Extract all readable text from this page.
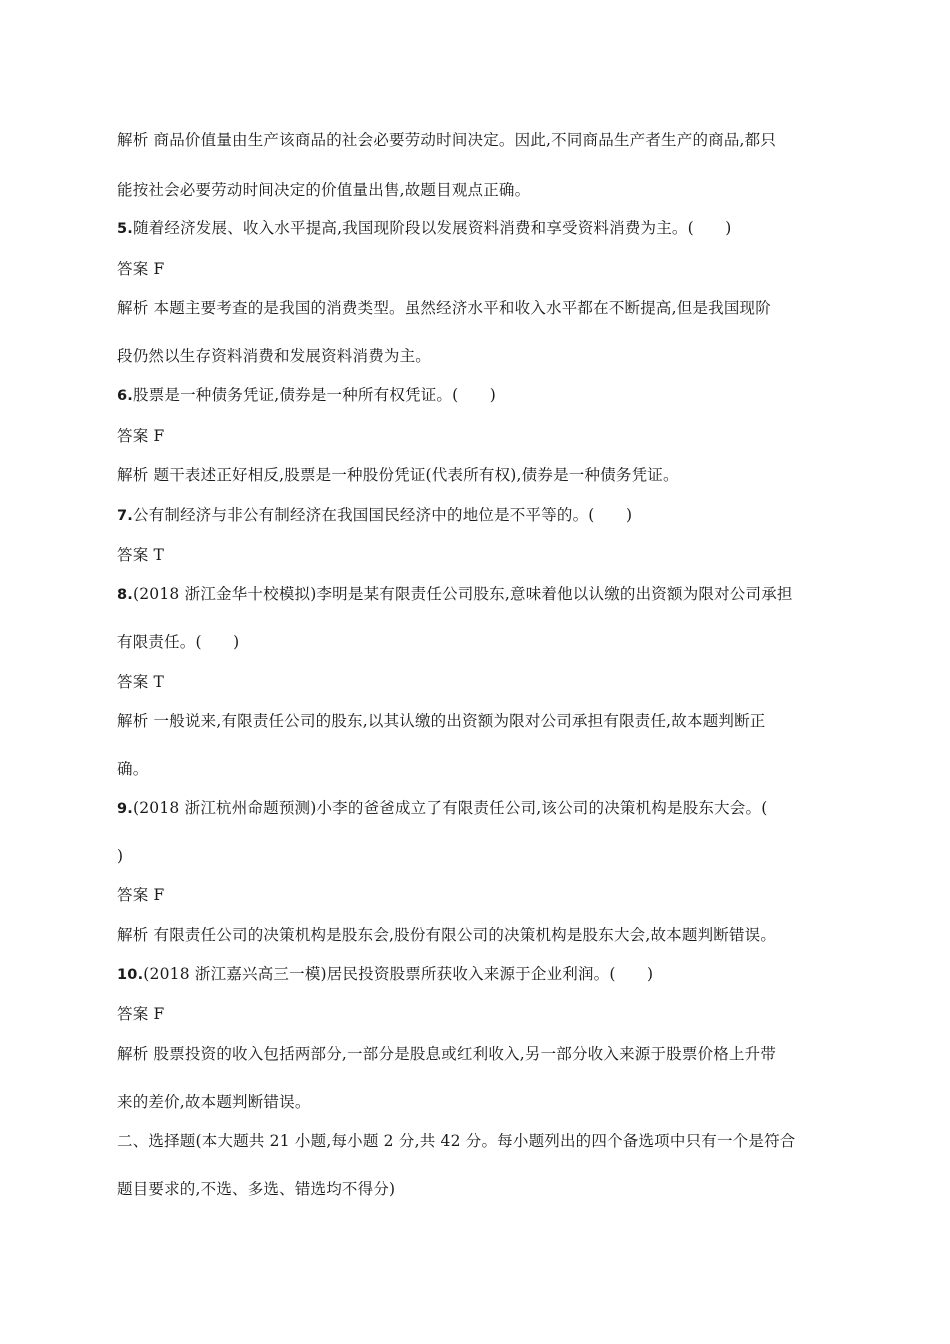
解析 商品价值量由生产该商品的社会必要劳动时间决定。因此,不同商品生产者生产的商品,都只
能按社会必要劳动时间决定的价值量出售,故题目观点正确。
5.随着经济发展、收入水平提高,我国现阶段以发展资料消费和享受资料消费为主。(　　)
答案 F
解析 本题主要考查的是我国的消费类型。虽然经济水平和收入水平都在不断提高,但是我国现阶
段仍然以生存资料消费和发展资料消费为主。
6.股票是一种债务凭证,债券是一种所有权凭证。(　　)
答案 F
解析 题干表述正好相反,股票是一种股份凭证(代表所有权),债券是一种债务凭证。
7.公有制经济与非公有制经济在我国国民经济中的地位是不平等的。(　　)
答案 T
8.(2018 浙江金华十校模拟)李明是某有限责任公司股东,意味着他以认缴的出资额为限对公司承担
有限责任。(　　)
答案 T
解析 一般说来,有限责任公司的股东,以其认缴的出资额为限对公司承担有限责任,故本题判断正
确。
9.(2018 浙江杭州命题预测)小李的爸爸成立了有限责任公司,该公司的决策机构是股东大会。(
)
答案 F
解析 有限责任公司的决策机构是股东会,股份有限公司的决策机构是股东大会,故本题判断错误。
10.(2018 浙江嘉兴高三一模)居民投资股票所获收入来源于企业利润。(　　)
答案 F
解析 股票投资的收入包括两部分,一部分是股息或红利收入,另一部分收入来源于股票价格上升带
来的差价,故本题判断错误。
二、选择题(本大题共 21 小题,每小题 2 分,共 42 分。每小题列出的四个备选项中只有一个是符合
题目要求的,不选、多选、错选均不得分)
